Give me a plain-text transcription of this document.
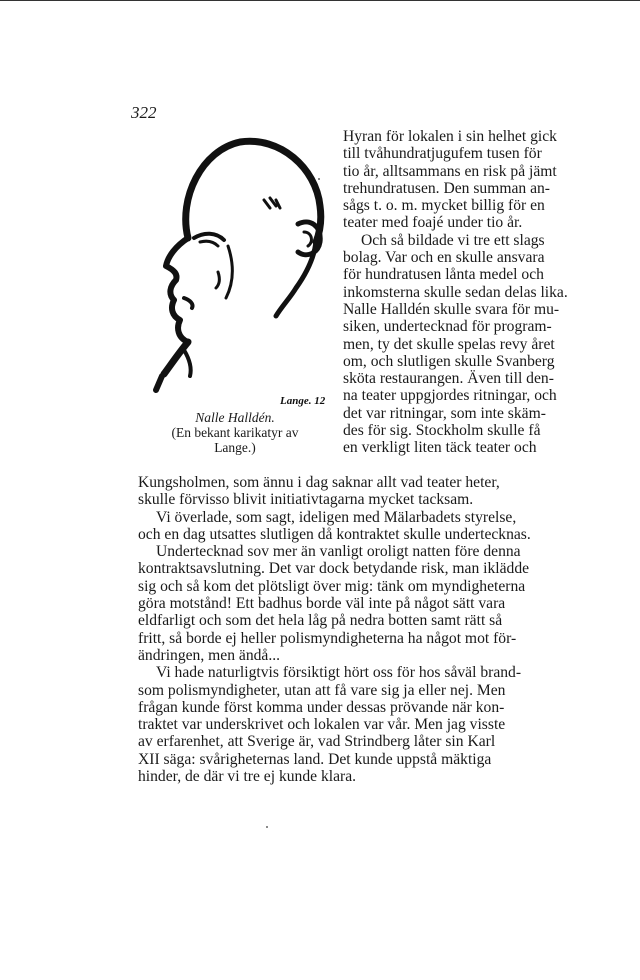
322
Lange. 12
Nalle Halldén.
(En bekant karikatyr av
Lange.)
Hyran för lokalen i sin helhet gick
till tvåhundratjugufem tusen för
tio år, alltsammans en risk på jämt
trehundratusen. Den summan an-
sågs t. o. m. mycket billig för en
teater med foajé under tio år.
Och så bildade vi tre ett slags
bolag. Var och en skulle ansvara
för hundratusen lånta medel och
inkomsterna skulle sedan delas lika.
Nalle Halldén skulle svara för mu-
siken, undertecknad för program-
men, ty det skulle spelas revy året
om, och slutligen skulle Svanberg
sköta restaurangen. Även till den-
na teater uppgjordes ritningar, och
det var ritningar, som inte skäm-
des för sig. Stockholm skulle få
en verkligt liten täck teater och
Kungsholmen, som ännu i dag saknar allt vad teater heter,
skulle förvisso blivit initiativtagarna mycket tacksam.
Vi överlade, som sagt, ideligen med Mälarbadets styrelse,
och en dag utsattes slutligen då kontraktet skulle undertecknas.
Undertecknad sov mer än vanligt oroligt natten före denna
kontraktsavslutning. Det var dock betydande risk, man iklädde
sig och så kom det plötsligt över mig: tänk om myndigheterna
göra motstånd! Ett badhus borde väl inte på något sätt vara
eldfarligt och som det hela låg på nedra botten samt rätt så
fritt, så borde ej heller polismyndigheterna ha något mot för-
ändringen, men ändå...
Vi hade naturligtvis försiktigt hört oss för hos såväl brand-
som polismyndigheter, utan att få vare sig ja eller nej. Men
frågan kunde först komma under dessas prövande när kon-
traktet var underskrivet och lokalen var vår. Men jag visste
av erfarenhet, att Sverige är, vad Strindberg låter sin Karl
XII säga: svårigheternas land. Det kunde uppstå mäktiga
hinder, de där vi tre ej kunde klara.
